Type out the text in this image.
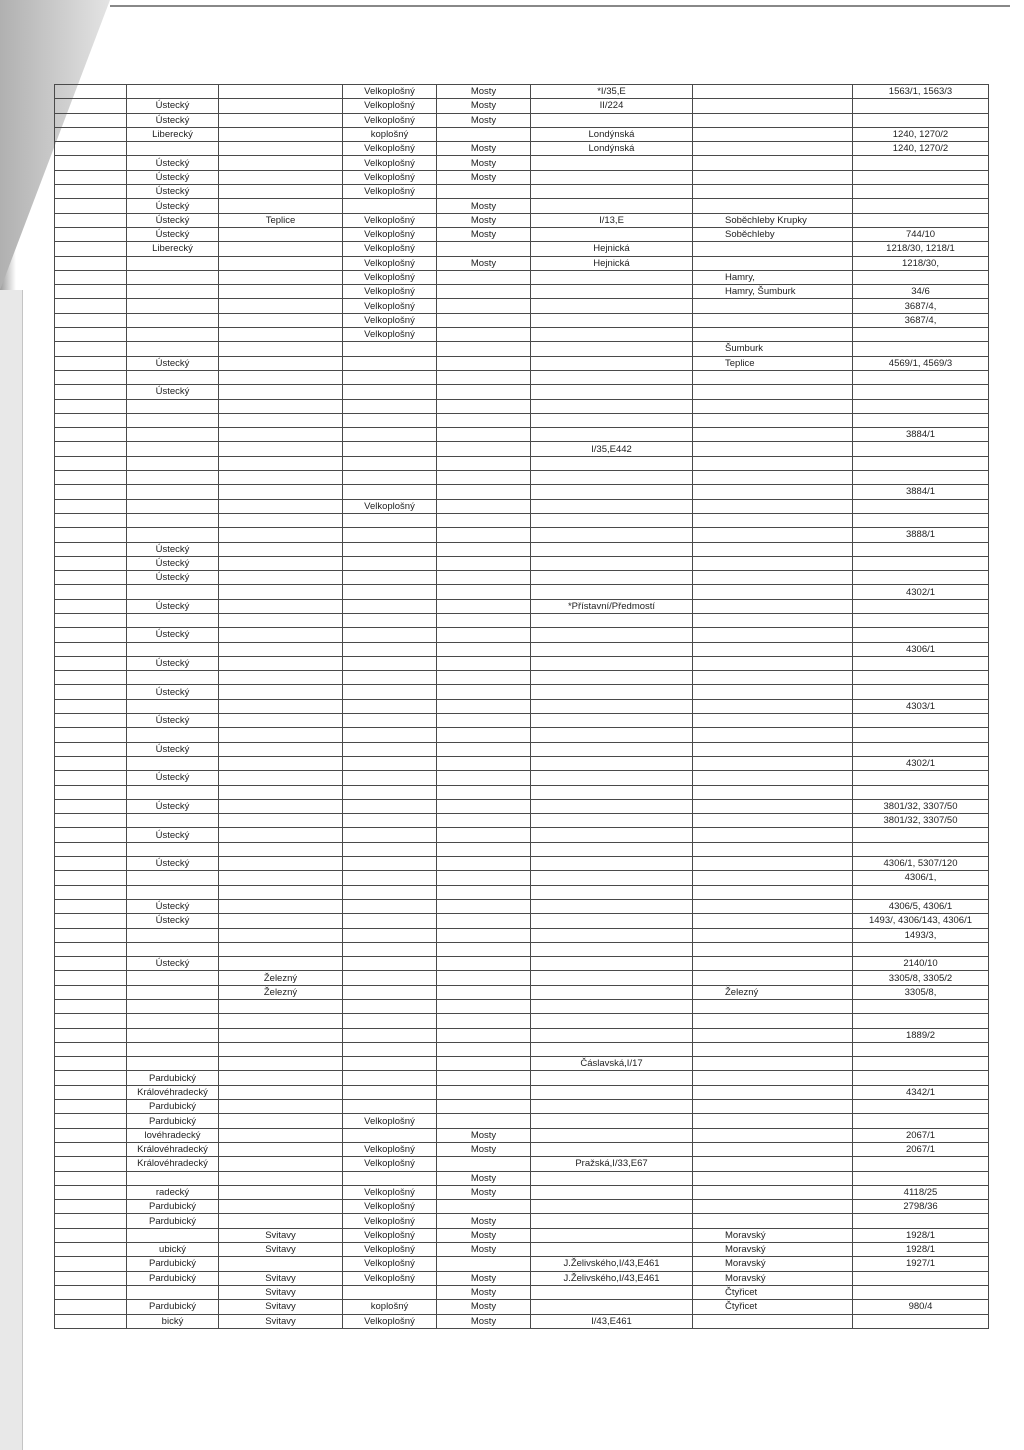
			Velkoplošný	Mosty	*I/35,E		1563/1, 1563/3
	Ústecký		Velkoplošný	Mosty	II/224		
	Ústecký		Velkoplošný	Mosty			
	Liberecký		koplošný		Londýnská		1240, 1270/2
			Velkoplošný	Mosty	Londýnská		1240, 1270/2
	Ústecký		Velkoplošný	Mosty			
	Ústecký		Velkoplošný	Mosty			
	Ústecký		Velkoplošný				
	Ústecký			Mosty			
	Ústecký	Teplice	Velkoplošný	Mosty	I/13,E	Soběchleby Krupky	
	Ústecký		Velkoplošný	Mosty		Soběchleby	744/10
	Liberecký		Velkoplošný		Hejnická		1218/30, 1218/1
			Velkoplošný	Mosty	Hejnická		1218/30,
			Velkoplošný			Hamry,	
			Velkoplošný			Hamry, Šumburk	34/6
			Velkoplošný				3687/4,
			Velkoplošný				3687/4,
			Velkoplošný				
						Šumburk	
	Ústecký					Teplice	4569/1, 4569/3

	Ústecký						

							3884/1
					I/35,E442		

							3884/1
			Velkoplošný				

							3888/1
	Ústecký						
	Ústecký						
	Ústecký						
							4302/1
	Ústecký				*Přístavní/Předmostí		

	Ústecký						
							4306/1
	Ústecký						

	Ústecký						
							4303/1
	Ústecký						

	Ústecký						
							4302/1
	Ústecký						

	Ústecký						3801/32, 3307/50
							3801/32, 3307/50
	Ústecký						

	Ústecký						4306/1, 5307/120
							4306/1,

	Ústecký						4306/5, 4306/1
	Ústecký						1493/, 4306/143, 4306/1
							1493/3,

	Ústecký						2140/10
		Železný					3305/8, 3305/2
		Železný				Železný	3305/8,

							1889/2

					Čáslavská,I/17		
	Pardubický						
	Královéhradecký						4342/1
	Pardubický						
	Pardubický		Velkoplošný				
	lovéhradecký			Mosty			2067/1
	Královéhradecký		Velkoplošný	Mosty			2067/1
	Královéhradecký		Velkoplošný		Pražská,I/33,E67		
				Mosty			
	radecký		Velkoplošný	Mosty			4118/25
	Pardubický		Velkoplošný				2798/36
	Pardubický		Velkoplošný	Mosty			
		Svitavy	Velkoplošný	Mosty		Moravský	1928/1
	ubický	Svitavy	Velkoplošný	Mosty		Moravský	1928/1
	Pardubický		Velkoplošný		J.Želivského,I/43,E461	Moravský	1927/1
	Pardubický	Svitavy	Velkoplošný	Mosty	J.Želivského,I/43,E461	Moravský	
		Svitavy		Mosty		Čtyřicet	
	Pardubický	Svitavy	koplošný	Mosty		Čtyřicet	980/4
	bický	Svitavy	Velkoplošný	Mosty	I/43,E461		
